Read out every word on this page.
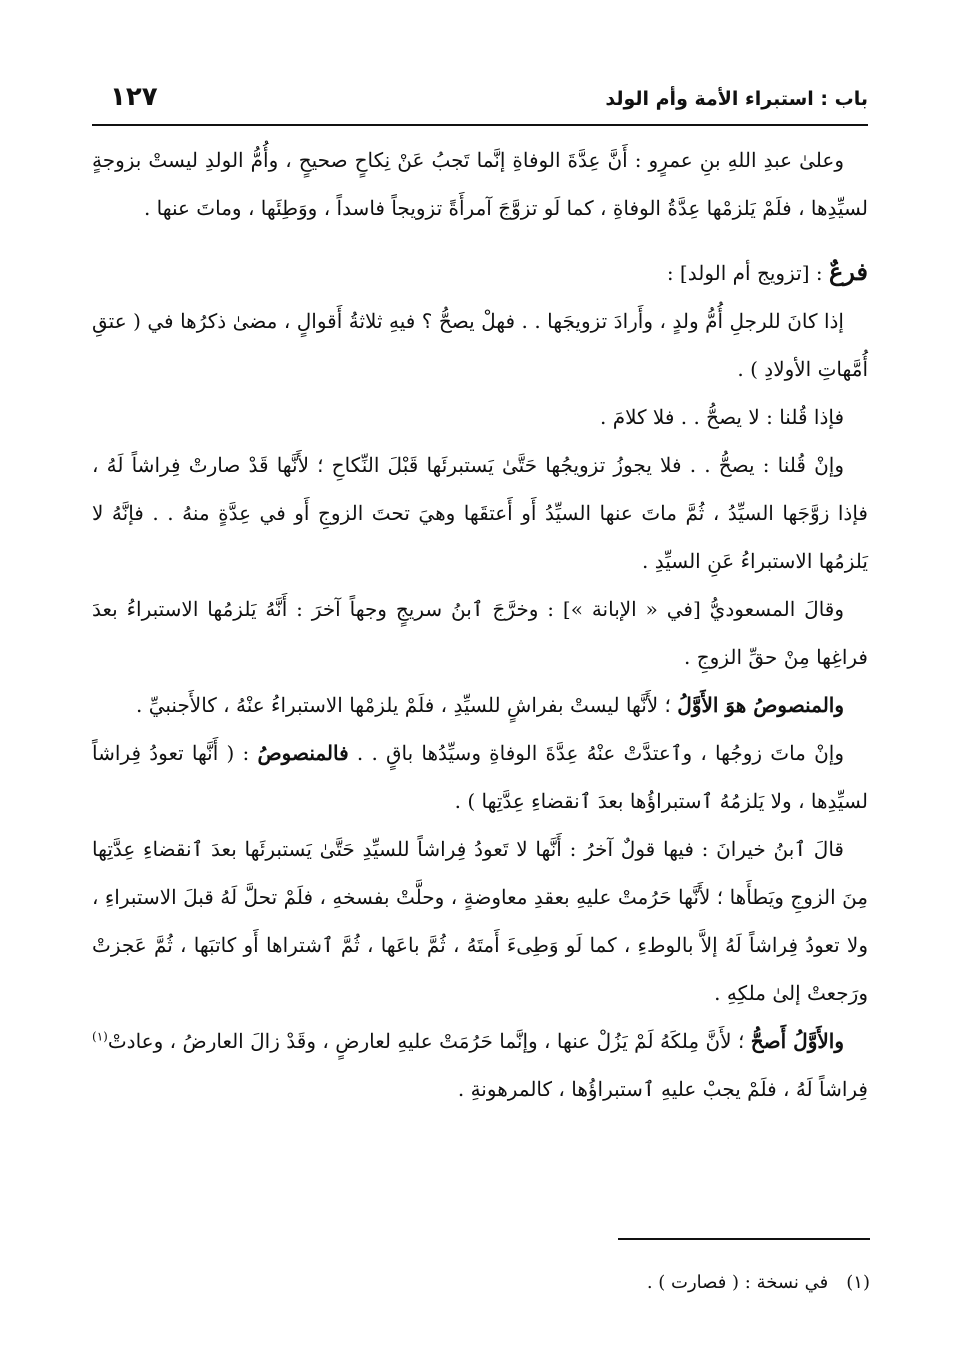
باب : استبراء الأمة وأم الولد
١٢٧

وعلىٰ عبدِ اللهِ بنِ عمرٍو : أَنَّ عِدَّةَ الوفاةِ إنَّما تَجبُ عَنْ نِكاحٍ صحيحٍ ، وأُمُّ الولدِ ليستْ بزوجةٍ لسيِّدِها ، فلَمْ يَلزمْها عِدَّةُ الوفاةِ ، كما لَو تزوَّجَ آمرأَةً تزويجاً فاسداً ، ووَطِئَها ، وماتَ عنها .

فرعٌ : [تزويج أم الولد] :

إذا كانَ للرجلِ أُمُّ ولدٍ ، وأَرادَ تزويجَها . . فهلْ يصحُّ ؟ فيهِ ثلاثةُ أَقوالٍ ، مضىٰ ذكرُها في ( عتقِ أُمَّهاتِ الأولادِ ) .

فإذا قُلنا : لا يصحُّ . . فلا كلامَ .

وإنْ قُلنا : يصحُّ . . فلا يجوزُ تزويجُها حَتَّىٰ يَستبرئَها قَبْلَ النِّكاحِ ؛ لأَنَّها قَدْ صارتْ فِراشاً لَهُ ، فإذا زوَّجَها السيِّدُ ، ثُمَّ ماتَ عنها السيِّدُ أَو أَعتقَها وهيَ تحتَ الزوجِ أَو في عِدَّةٍ منهُ . . فإنَّهُ لا يَلزمُها الاستبراءُ عَنِ السيِّدِ .

وقالَ المسعوديُّ [في « الإبانة »] : وخرَّجَ ٱبنُ سريجٍ وجهاً آخرَ : أَنَّهُ يَلزمُها الاستبراءُ بعدَ فراغِها مِنْ حقِّ الزوجِ .

والمنصوصُ هوَ الأَوَّلُ ؛ لأَنَّها ليستْ بفراشٍ للسيِّدِ ، فلَمْ يلزمْها الاستبراءُ عنْهُ ، كالأَجنبيِّ .

وإنْ ماتَ زوجُها ، وٱعتدَّتْ عنْهُ عِدَّةَ الوفاةِ وسيِّدُها باقٍ . . فالمنصوصُ : ( أَنَّها تعودُ فِراشاً لسيِّدِها ، ولا يَلزمُهُ ٱستبراؤُها بعدَ ٱنقضاءِ عِدَّتِها ) .

قالَ ٱبنُ خيرانَ : فيها قولٌ آخرُ : أَنَّها لا تَعودُ فِراشاً للسيِّدِ حَتَّىٰ يَستبرئَها بعدَ ٱنقضاءِ عِدَّتِها مِنَ الزوجِ ويَطأَها ؛ لأَنَّها حَرُمتْ عليهِ بعقدِ معاوضةٍ ، وحلَّتْ بفسخهِ ، فلَمْ تحلَّ لَهُ قبلَ الاستبراءِ ، ولا تعودُ فِراشاً لَهُ إلاَّ بالوطءِ ، كما لَو وَطِىءَ أَمتَهُ ، ثُمَّ باعَها ، ثُمَّ ٱشتراها أَو كاتبَها ، ثُمَّ عَجزتْ ورَجعتْ إلىٰ ملكِهِ .

والأَوَّلُ أَصحُّ ؛ لأَنَّ مِلكَهُ لَمْ يَزُلْ عنها ، وإنَّما حَرُمَتْ عليهِ لعارضٍ ، وقَدْ زالَ العارضُ ، وعادتْ$^{(١)}$ فِراشاً لَهُ ، فلَمْ يجبْ عليهِ ٱستبراؤُها ، كالمرهونةِ .

(١)في نسخة : ( فصارت ) .
